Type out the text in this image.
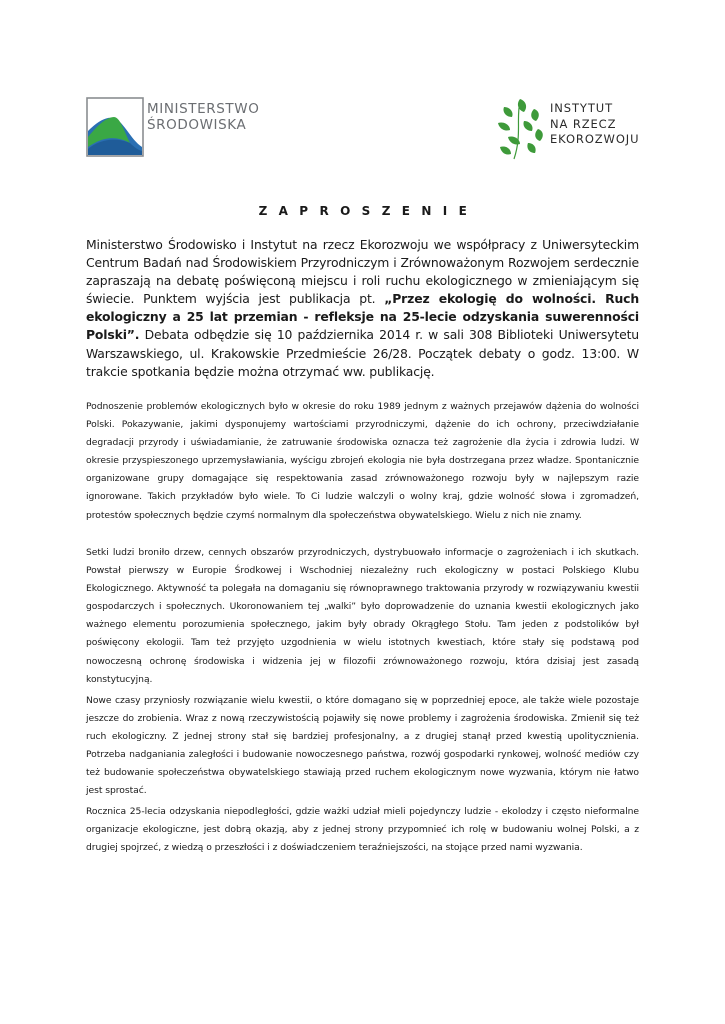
MINISTERSTWO
ŚRODOWISKA
INSTYTUT
NA RZECZ
EKOROZWOJU
Z A P R O S Z E N I E

Ministerstwo Środowisko i Instytut na rzecz Ekorozwoju we współpracy z Uniwersyteckim Centrum Badań nad Środowiskiem Przyrodniczym i Zrównoważonym Rozwojem serdecznie zapraszają na debatę poświęconą miejscu i roli ruchu ekologicznego w zmieniającym się świecie. Punktem wyjścia jest publikacja pt. „Przez ekologię do wolności. Ruch ekologiczny a 25 lat przemian - refleksje na 25-lecie odzyskania suwerenności Polski”. Debata odbędzie się 10 października 2014 r. w sali 308 Biblioteki Uniwersytetu Warszawskiego, ul. Krakowskie Przedmieście 26/28. Początek debaty o godz. 13:00. W trakcie spotkania będzie można otrzymać ww. publikację.

Podnoszenie problemów ekologicznych było w okresie do roku 1989 jednym z ważnych przejawów dążenia do wolności Polski. Pokazywanie, jakimi dysponujemy wartościami przyrodniczymi, dążenie do ich ochrony, przeciwdziałanie degradacji przyrody i uświadamianie, że zatruwanie środowiska oznacza też zagrożenie dla życia i zdrowia ludzi. W okresie przyspieszonego uprzemysławiania, wyścigu zbrojeń ekologia nie była dostrzegana przez władze. Spontanicznie organizowane grupy domagające się respektowania zasad zrównoważonego rozwoju były w najlepszym razie ignorowane. Takich przykładów było wiele. To Ci ludzie walczyli o wolny kraj, gdzie wolność słowa i zgromadzeń, protestów społecznych będzie czymś normalnym dla społeczeństwa obywatelskiego. Wielu z nich nie znamy.

Setki ludzi broniło drzew, cennych obszarów przyrodniczych, dystrybuowało informacje o zagrożeniach i ich skutkach. Powstał pierwszy w Europie Środkowej i Wschodniej niezależny ruch ekologiczny w postaci Polskiego Klubu Ekologicznego. Aktywność ta polegała na domaganiu się równoprawnego traktowania przyrody w rozwiązywaniu kwestii gospodarczych i społecznych. Ukoronowaniem tej „walki” było doprowadzenie do uznania kwestii ekologicznych jako ważnego elementu porozumienia społecznego, jakim były obrady Okrągłego Stołu. Tam jeden z podstolików był poświęcony ekologii. Tam też przyjęto uzgodnienia w wielu istotnych kwestiach, które stały się podstawą pod nowoczesną ochronę środowiska i widzenia jej w filozofii zrównoważonego rozwoju, która dzisiaj jest zasadą konstytucyjną.

Nowe czasy przyniosły rozwiązanie wielu kwestii, o które domagano się w poprzedniej epoce, ale także wiele pozostaje jeszcze do zrobienia. Wraz z nową rzeczywistością pojawiły się nowe problemy i zagrożenia środowiska. Zmienił się też ruch ekologiczny. Z jednej strony stał się bardziej profesjonalny, a z drugiej stanął przed kwestią upolitycznienia. Potrzeba nadganiania zaległości i budowanie nowoczesnego państwa, rozwój gospodarki rynkowej, wolność mediów czy też budowanie społeczeństwa obywatelskiego stawiają przed ruchem ekologicznym nowe wyzwania, którym nie łatwo jest sprostać.

Rocznica 25-lecia odzyskania niepodległości, gdzie ważki udział mieli pojedynczy ludzie - ekolodzy i często nieformalne organizacje ekologiczne, jest dobrą okazją, aby z jednej strony przypomnieć ich rolę w budowaniu wolnej Polski, a z drugiej spojrzeć, z wiedzą o przeszłości i z doświadczeniem teraźniejszości, na stojące przed nami wyzwania.
